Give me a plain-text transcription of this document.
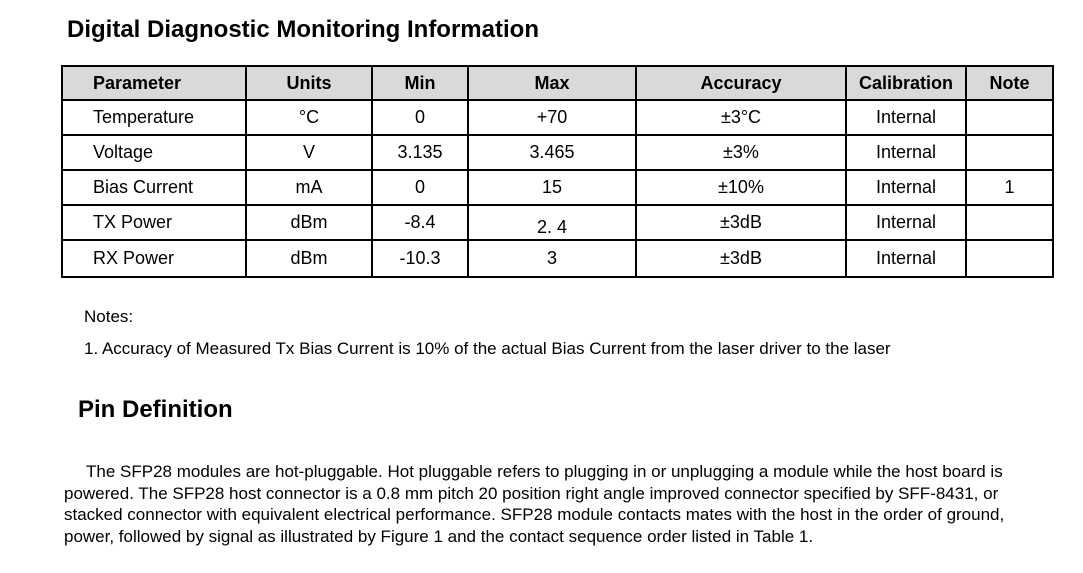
Digital Diagnostic Monitoring Information
Parameter	Units	Min	Max	Accuracy	Calibration	Note
Temperature	°C	0	+70	±3°C	Internal	
Voltage	V	3.135	3.465	±3%	Internal	
Bias Current	mA	0	15	±10%	Internal	1
TX Power	dBm	-8.4	2. 4	±3dB	Internal	
RX Power	dBm	-10.3	3	±3dB	Internal	
Notes:
1. Accuracy of Measured Tx Bias Current is 10% of the actual Bias Current from the laser driver to the laser
Pin Definition

The SFP28 modules are hot-pluggable. Hot pluggable refers to plugging in or unplugging a module while the host board is powered. The SFP28 host connector is a 0.8 mm pitch 20 position right angle improved connector specified by SFF-8431, or stacked connector with equivalent electrical performance. SFP28 module contacts mates with the host in the order of ground, power, followed by signal as illustrated by Figure 1 and the contact sequence order listed in Table 1.
